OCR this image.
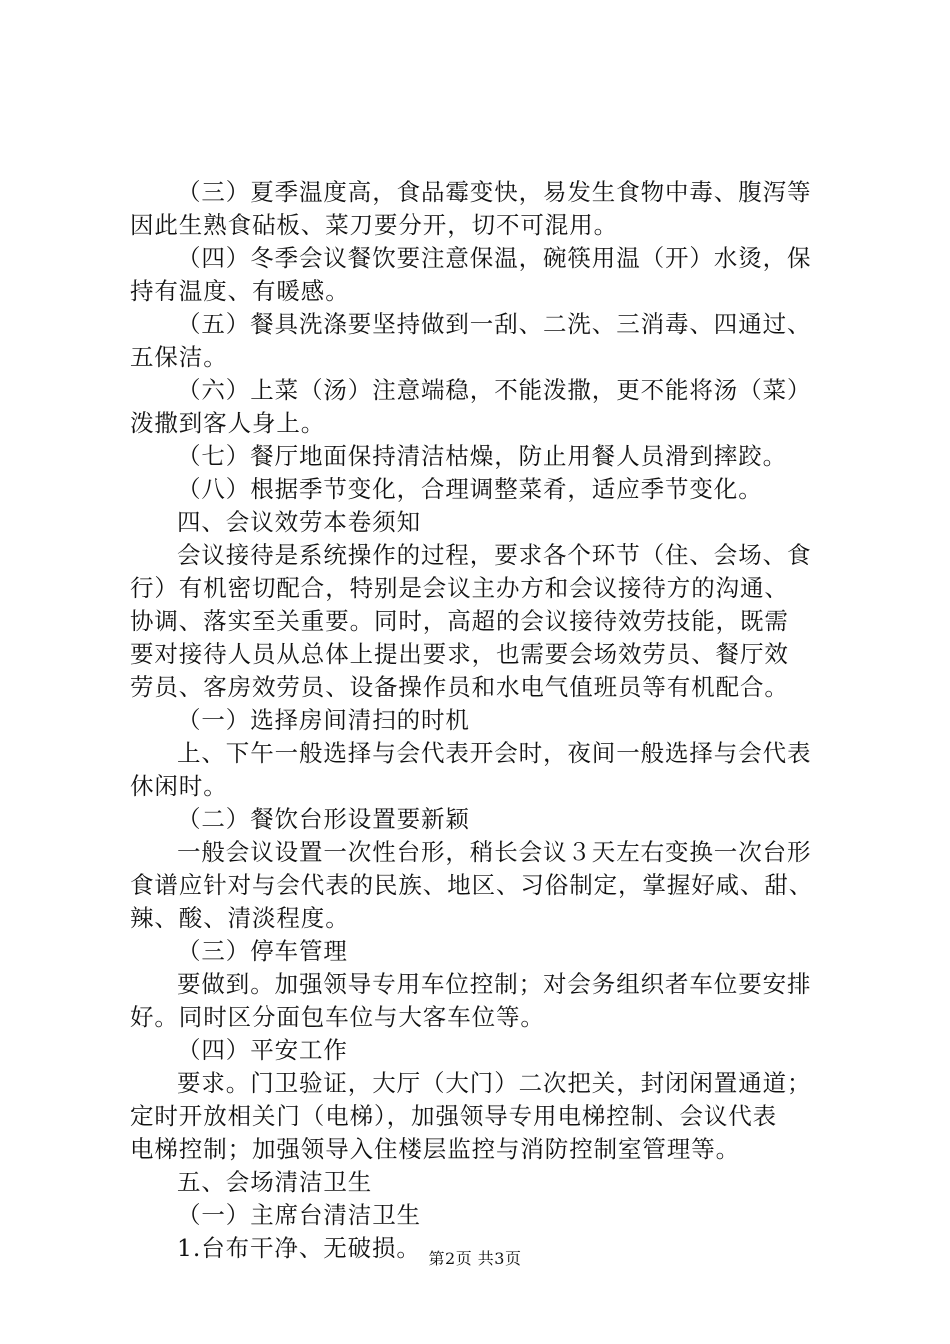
（三）夏季温度高，食品霉变快，易发生食物中毒、腹泻等
因此生熟食砧板、菜刀要分开，切不可混用。
（四）冬季会议餐饮要注意保温，碗筷用温（开）水烫，保
持有温度、有暖感。
（五）餐具洗涤要坚持做到一刮、二洗、三消毒、四通过、
五保洁。
（六）上菜（汤）注意端稳，不能泼撒，更不能将汤（菜）
泼撒到客人身上。
（七）餐厅地面保持清洁枯燥，防止用餐人员滑到摔跤。
（八）根据季节变化，合理调整菜肴，适应季节变化。
四、会议效劳本卷须知
会议接待是系统操作的过程，要求各个环节（住、会场、食
行）有机密切配合，特别是会议主办方和会议接待方的沟通、
协调、落实至关重要。同时，高超的会议接待效劳技能，既需
要对接待人员从总体上提出要求，也需要会场效劳员、餐厅效
劳员、客房效劳员、设备操作员和水电气值班员等有机配合。
（一）选择房间清扫的时机
上、下午一般选择与会代表开会时，夜间一般选择与会代表
休闲时。
（二）餐饮台形设置要新颖
一般会议设置一次性台形，稍长会议３天左右变换一次台形
食谱应针对与会代表的民族、地区、习俗制定，掌握好咸、甜、
辣、酸、清淡程度。
（三）停车管理
要做到。加强领导专用车位控制；对会务组织者车位要安排
好。同时区分面包车位与大客车位等。
（四）平安工作
要求。门卫验证，大厅（大门）二次把关，封闭闲置通道；
定时开放相关门（电梯），加强领导专用电梯控制、会议代表
电梯控制；加强领导入住楼层监控与消防控制室管理等。
五、会场清洁卫生
（一）主席台清洁卫生
1.台布干净、无破损。 第2页 共3页
